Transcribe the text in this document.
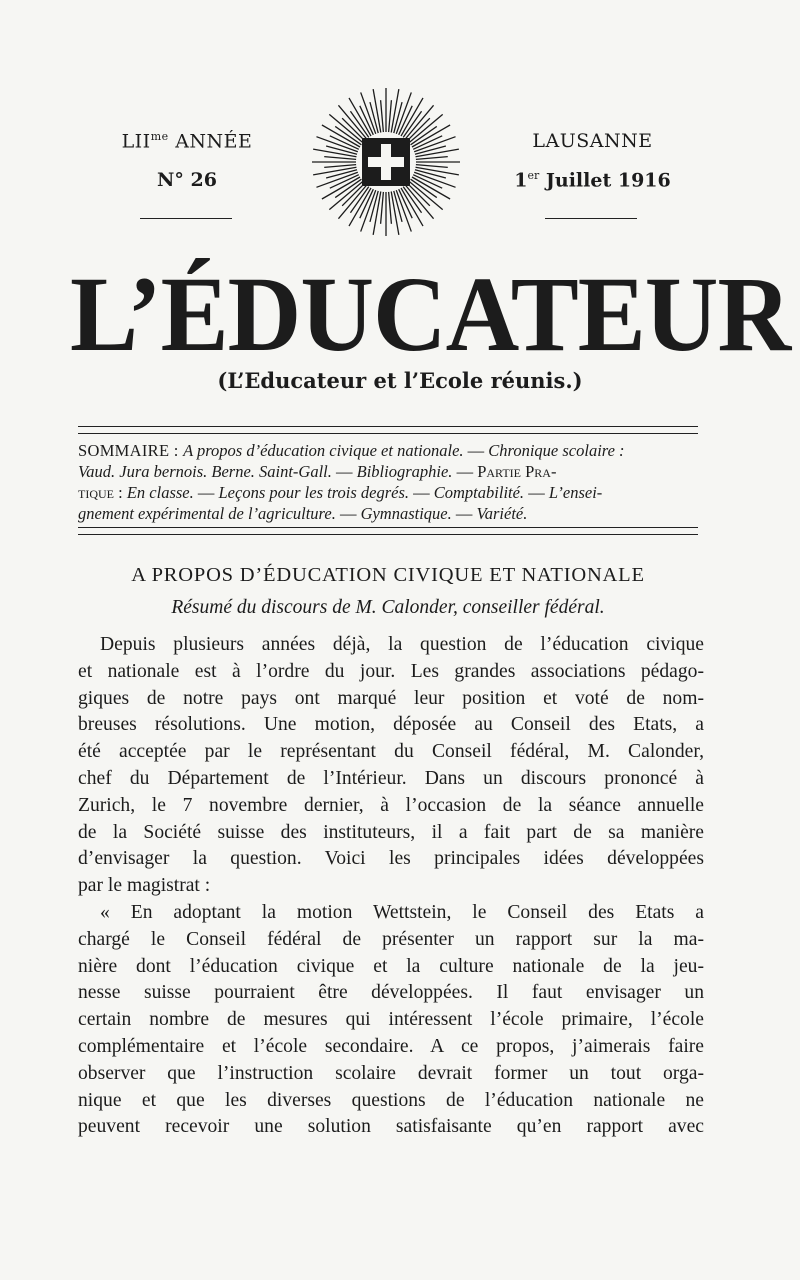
$LII^{me}$ ANNÉE
N° 26
LAUSANNE
1er Juillet 1916
L’ÉDUCATEUR
(L’Educateur et l’Ecole réunis.)
SOMMAIRE : A propos d’éducation civique et nationale. — Chronique scolaire :
Vaud. Jura bernois. Berne. Saint-Gall. — Bibliographie. — Partie Pra-
tique : En classe. — Leçons pour les trois degrés. — Comptabilité. — L’ensei-
gnement expérimental de l’agriculture. — Gymnastique. — Variété.
A PROPOS D’ÉDUCATION CIVIQUE ET NATIONALE
Résumé du discours de M. Calonder, conseiller fédéral.
Depuis plusieurs années déjà, la question de l’éducation civique
et nationale est à l’ordre du jour. Les grandes associations pédago-
giques de notre pays ont marqué leur position et voté de nom-
breuses résolutions. Une motion, déposée au Conseil des Etats, a
été acceptée par le représentant du Conseil fédéral, M. Calonder,
chef du Département de l’Intérieur. Dans un discours prononcé à
Zurich, le 7 novembre dernier, à l’occasion de la séance annuelle
de la Société suisse des instituteurs, il a fait part de sa manière
d’envisager la question. Voici les principales idées développées
par le magistrat :
« En adoptant la motion Wettstein, le Conseil des Etats a
chargé le Conseil fédéral de présenter un rapport sur la ma-
nière dont l’éducation civique et la culture nationale de la jeu-
nesse suisse pourraient être développées. Il faut envisager un
certain nombre de mesures qui intéressent l’école primaire, l’école
complémentaire et l’école secondaire. A ce propos, j’aimerais faire
observer que l’instruction scolaire devrait former un tout orga-
nique et que les diverses questions de l’éducation nationale ne
peuvent recevoir une solution satisfaisante qu’en rapport avec
